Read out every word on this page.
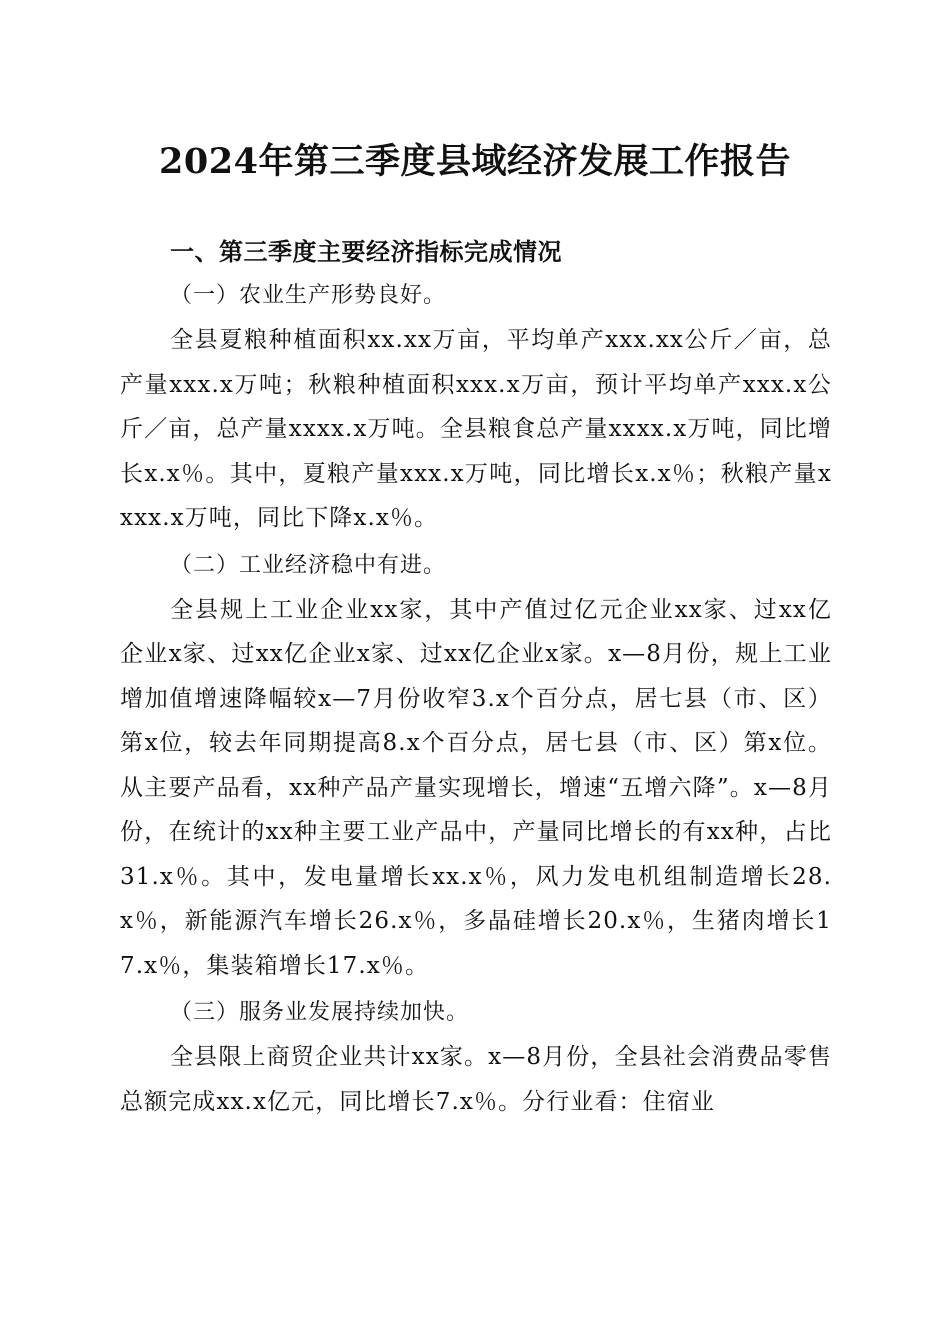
2024年第三季度县域经济发展工作报告

一、第三季度主要经济指标完成情况

（一）农业生产形势良好。

全县夏粮种植面积xx.xx万亩，平均单产xxx.xx公斤／亩，总产量xxx.x万吨；秋粮种植面积xxx.x万亩，预计平均单产xxx.x公斤／亩，总产量xxxx.x万吨。全县粮食总产量xxxx.x万吨，同比增长x.x％。其中，夏粮产量xxx.x万吨，同比增长x.x％；秋粮产量xxxx.x万吨，同比下降x.x％。

（二）工业经济稳中有进。

全县规上工业企业xx家，其中产值过亿元企业xx家、过xx亿企业x家、过xx亿企业x家、过xx亿企业x家。x—8月份，规上工业增加值增速降幅较x—7月份收窄3.x个百分点，居七县（市、区）第x位，较去年同期提高8.x个百分点，居七县（市、区）第x位。从主要产品看，xx种产品产量实现增长，增速“五增六降”。x—8月份，在统计的xx种主要工业产品中，产量同比增长的有xx种，占比31.x％。其中，发电量增长xx.x％，风力发电机组制造增长28.x％，新能源汽车增长26.x％，多晶硅增长20.x％，生猪肉增长17.x％，集装箱增长17.x％。

（三）服务业发展持续加快。

全县限上商贸企业共计xx家。x—8月份，全县社会消费品零售总额完成xx.x亿元，同比增长7.x％。分行业看：住宿业
